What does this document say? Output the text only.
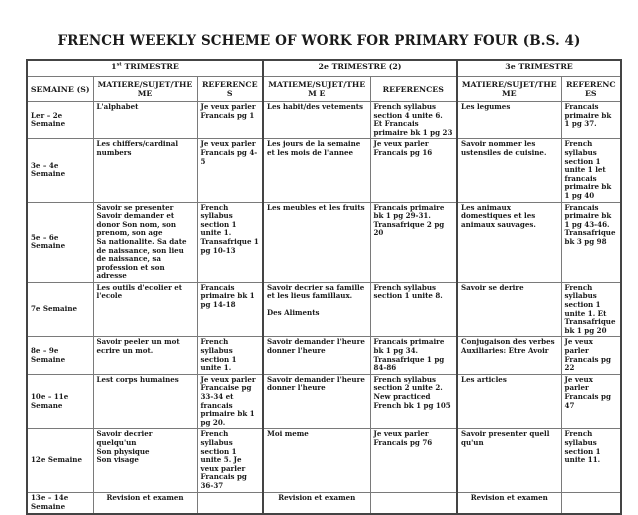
FRENCH WEEKLY SCHEME OF WORK FOR PRIMARY FOUR (B.S. 4)
1st TRIMESTRE			2e TRIMESTRE (2)		3e TRIMESTRE	
SEMAINE (S)	MATIERE/SUJET/THE ME	REFERENCES	MATIEME/SUJET/THEM E	REFERENCES	MATIERE/SUJET/THE ME	REFERENCES
Ler – 2e Semaine	L'alphabet	Je veux parler Francais pg 1	Les habit/des vetements	French syllabus section 4 unite 6. Et Francais primaire bk 1 pg 23	Les legumes	Francais primaire bk 1 pg 37.

3e – 4e Semaine	Les chiffers/cardinal numbers	Je veux parler Francais pg 4-5	Les jours de la semaine et les mois de l'annee	Je veux parler Francais pg 16	Savoir nommer les ustensiles de cuisine.	French syllabus section 1 unite 1 let francais primaire bk 1 pg 40

5e – 6e Semaine	Savoir se presenter
Savoir demander et donor Son nom, son prenom, son age
Sa nationalite. Sa date de naissance, son lieu de naissance, sa profession et son adresse	French syllabus section 1 unite 1. Transafrique 1 pg 10-13	Les meubles et les fruits	Francais primaire bk 1 pg 29-31. Transafrique 2 pg 20	Les animaux domestiques et les animaux sauvages.	Francais primaire bk 1 pg 43-46. Transafrique bk 3 pg 98

7e Semaine	Les outils d'ecolier et l'ecole	Francais primaire bk 1 pg 14-18	Savoir decrier sa famille et les lieus famillaux.
Des Aliments	French syllabus section 1 unite 8.	Savoir se derire	French syllabus section 1 unite 1. Et Transafrique bk 1 pg 20

8e – 9e Semaine	Savoir peeler un mot ecrire un mot.	French syllabus section 1 unite 1.	Savoir demander l'heure donner l'heure	Francais primaire bk 1 pg 34. Transafrique 1 pg 84-86	Conjugaison des verbes Auxiliaries: Etre Avoir	Je veux parler Francais pg 22

10e – 11e Semane	Lest corps humaines	Je veux parler Francaise pg 33-34 et francais primaire bk 1 pg 20.	Savoir demander l'heure donner l'heure	French syllabus section 2 unite 2. New practiced French bk 1 pg 105	Les articles	Je veux parler Francais pg 47

12e Semaine	Savoir decrier quelqu'un
Son physique
Son visage	French syllabus section 1 unite 5. Je veux parler Francais pg 36-37	Moi meme	Je veux parler Francais pg 76	Savoir presenter quell qu'un	French syllabus section 1 unite 11.

13e – 14e Semaine	Revision et examen		Revision et examen		Revision et examen	
